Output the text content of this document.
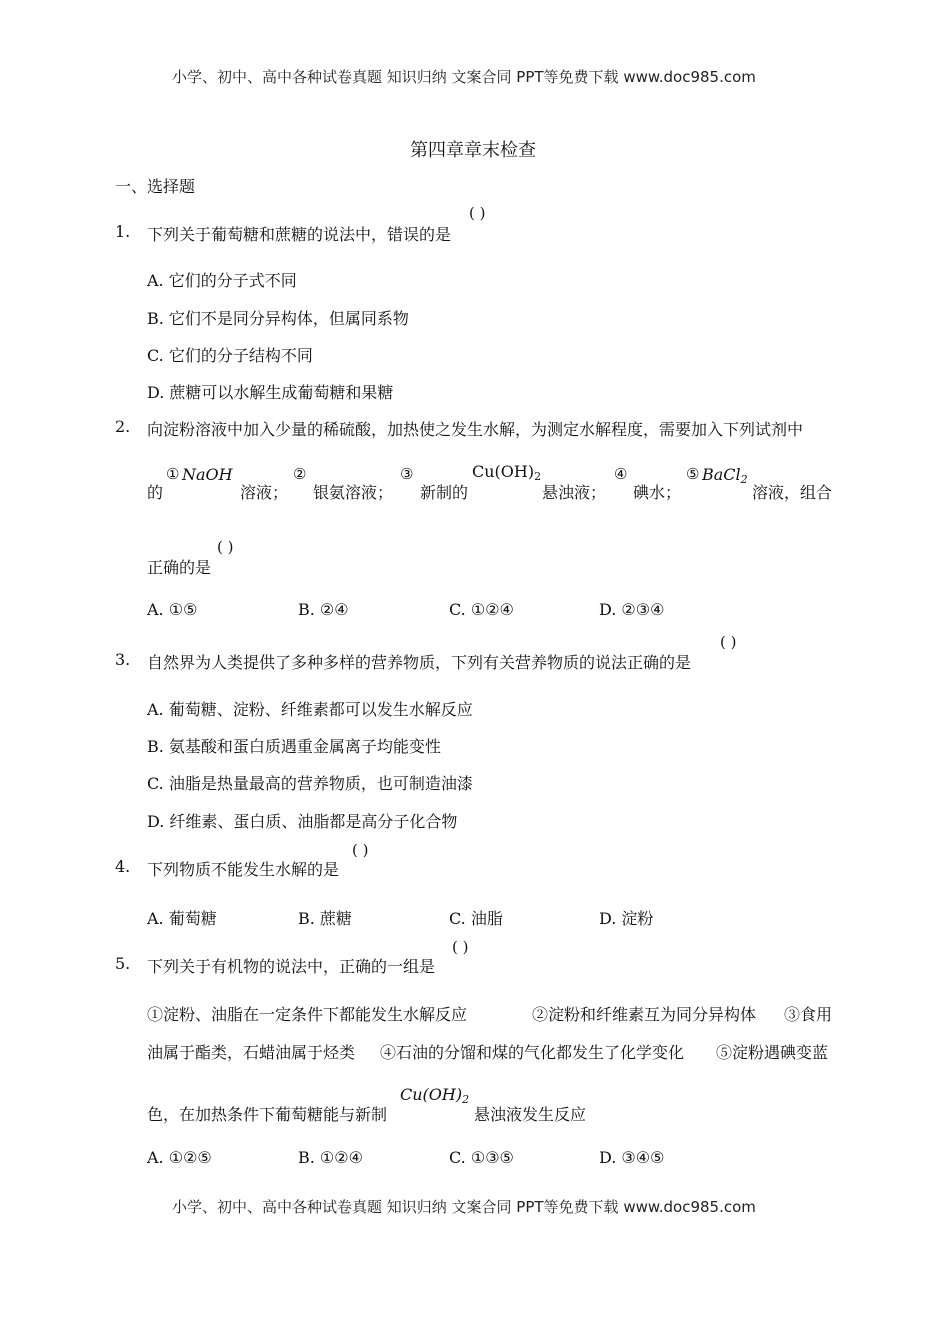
小学、初中、高中各种试卷真题 知识归纳 文案合同 PPT等免费下载 www.doc985.com
第四章章末检查
一、选择题
1. 下列关于葡萄糖和蔗糖的说法中，错误的是
( )
A. 它们的分子式不同
B. 它们不是同分异构体，但属同系物
C. 它们的分子结构不同
D. 蔗糖可以水解生成葡萄糖和果糖
2. 向淀粉溶液中加入少量的稀硫酸，加热使之发生水解，为测定水解程度，需要加入下列试剂中
的
① NaOH
溶液；
②
银氨溶液；
③
新制的
$Cu(OH)_2$
悬浊液；
④
碘水；
⑤ BaCl$_2$
溶液，组合
正确的是
( )
A. ①⑤	B. ②④	C. ①②④	D. ②③④
3. 自然界为人类提供了多种多样的营养物质，下列有关营养物质的说法正确的是
( )
A. 葡萄糖、淀粉、纤维素都可以发生水解反应
B. 氨基酸和蛋白质遇重金属离子均能变性
C. 油脂是热量最高的营养物质，也可制造油漆
D. 纤维素、蛋白质、油脂都是高分子化合物
4. 下列物质不能发生水解的是
( )
A. 葡萄糖	B. 蔗糖	C. 油脂	D. 淀粉
5. 下列关于有机物的说法中，正确的一组是
( )
①淀粉、油脂在一定条件下都能发生水解反应	②淀粉和纤维素互为同分异构体 ③食用
油属于酯类，石蜡油属于烃类 ④石油的分馏和煤的气化都发生了化学变化 ⑤淀粉遇碘变蓝
色，在加热条件下葡萄糖能与新制
$Cu(OH)_2$
悬浊液发生反应
A. ①②⑤	B. ①②④	C. ①③⑤	D. ③④⑤
小学、初中、高中各种试卷真题 知识归纳 文案合同 PPT等免费下载 www.doc985.com
